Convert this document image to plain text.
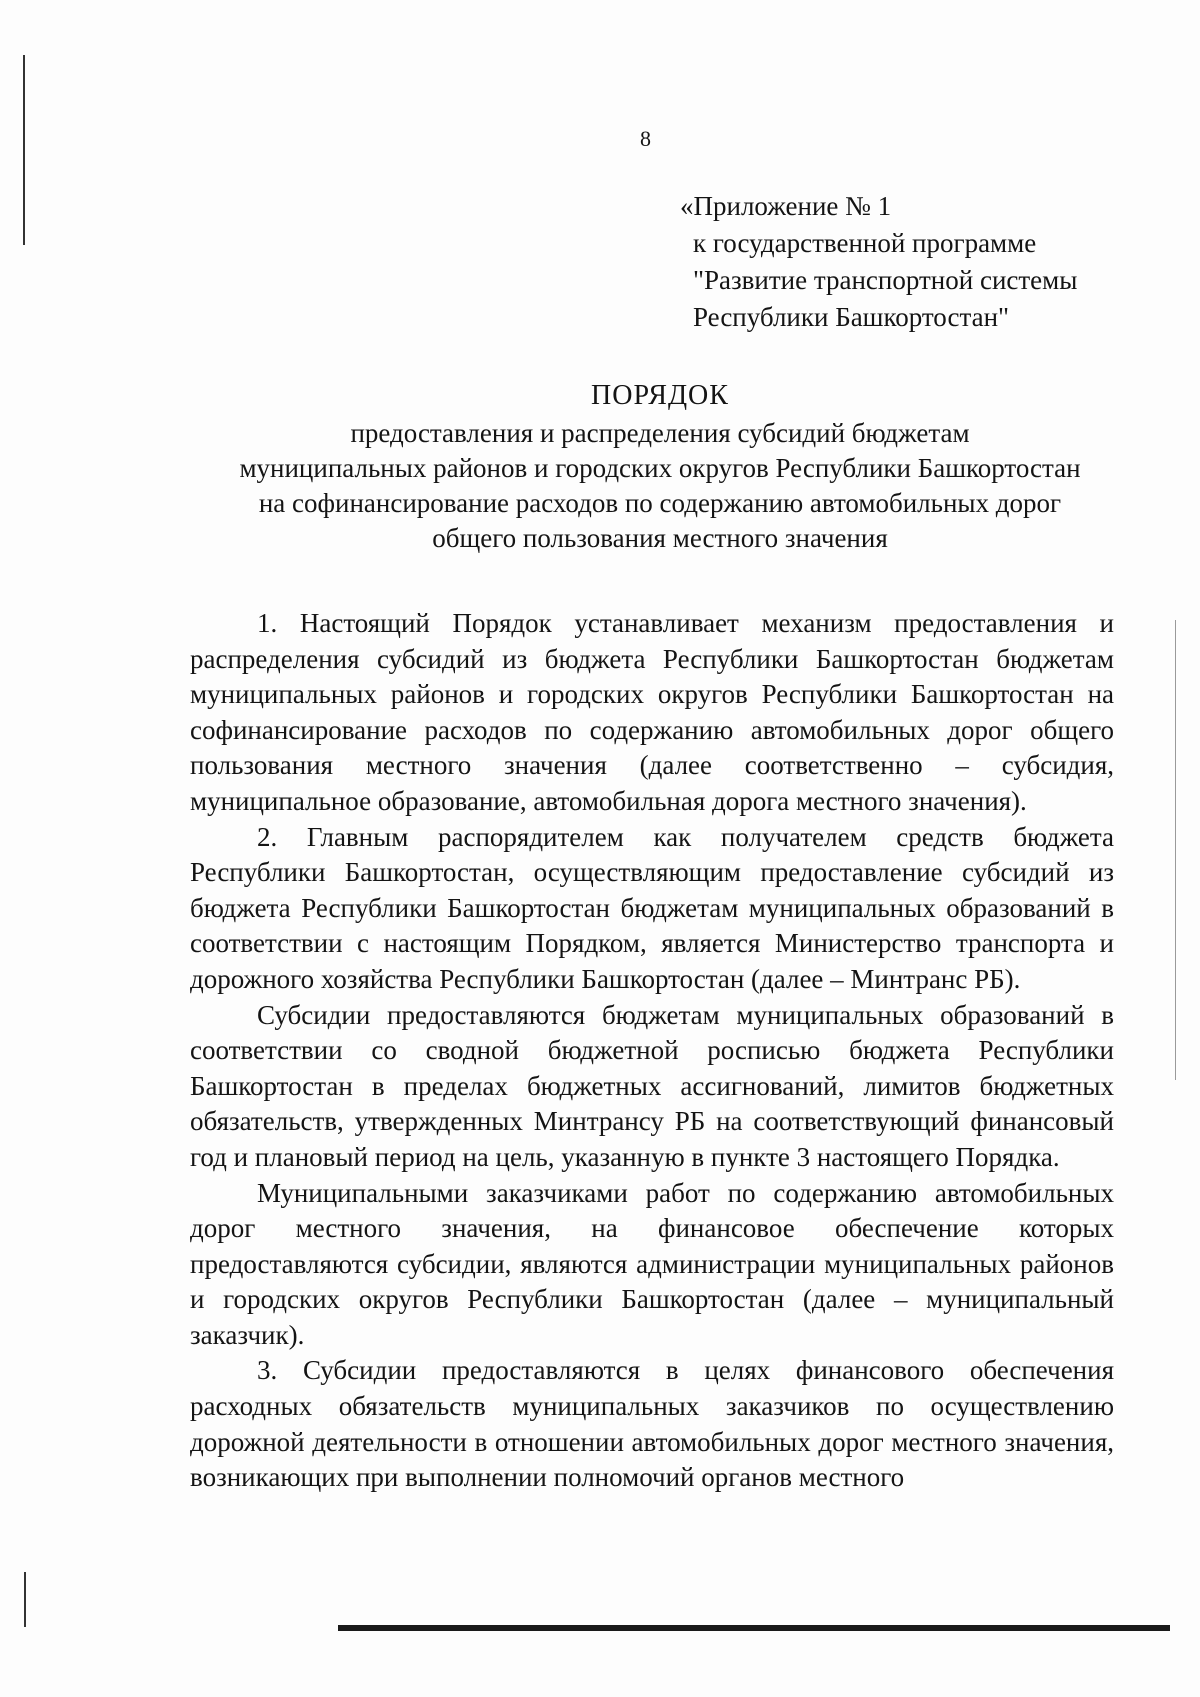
8
«Приложение № 1
к государственной программе
"Развитие транспортной системы
Республики Башкортостан"
ПОРЯДОК
предоставления и распределения субсидий бюджетам
муниципальных районов и городских округов Республики Башкортостан
на софинансирование расходов по содержанию автомобильных дорог
общего пользования местного значения

1. Настоящий Порядок устанавливает механизм предоставления и распределения субсидий из бюджета Республики Башкортостан бюджетам муниципальных районов и городских округов Республики Башкортостан на софинансирование расходов по содержанию автомобильных дорог общего пользования местного значения (далее соответственно – субсидия, муниципальное образование, автомобильная дорога местного значения).

2. Главным распорядителем как получателем средств бюджета Республики Башкортостан, осуществляющим предоставление субсидий из бюджета Республики Башкортостан бюджетам муниципальных образований в соответствии с настоящим Порядком, является Министерство транспорта и дорожного хозяйства Республики Башкортостан (далее – Минтранс РБ).

Субсидии предоставляются бюджетам муниципальных образований в соответствии со сводной бюджетной росписью бюджета Республики Башкортостан в пределах бюджетных ассигнований, лимитов бюджетных обязательств, утвержденных Минтрансу РБ на соответствующий финансовый год и плановый период на цель, указанную в пункте 3 настоящего Порядка.

Муниципальными заказчиками работ по содержанию автомобильных дорог местного значения, на финансовое обеспечение которых предоставляются субсидии, являются администрации муниципальных районов и городских округов Республики Башкортостан (далее – муниципальный заказчик).

3. Субсидии предоставляются в целях финансового обеспечения расходных обязательств муниципальных заказчиков по осуществлению дорожной деятельности в отношении автомобильных дорог местного значения, возникающих при выполнении полномочий органов местного
